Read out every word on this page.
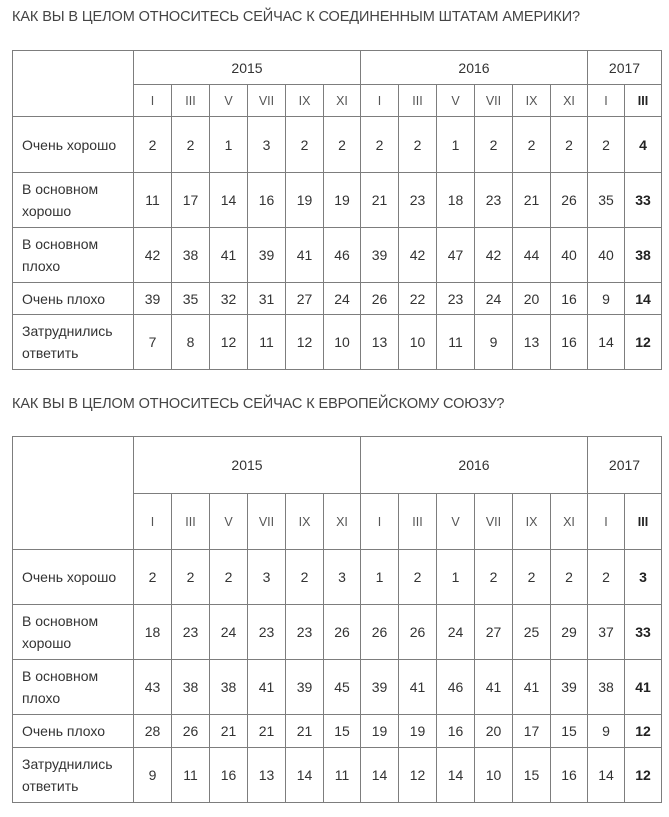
КАК ВЫ В ЦЕЛОМ ОТНОСИТЕСЬ СЕЙЧАС К СОЕДИНЕННЫМ ШТАТАМ АМЕРИКИ?
	2015						2016						2017	
	I	III	V	VII	IX	XI	I	III	V	VII	IX	XI	I	III
Очень хорошо	2	2	1	3	2	2	2	2	1	2	2	2	2	4
В основном хорошо	11	17	14	16	19	19	21	23	18	23	21	26	35	33
В основном плохо	42	38	41	39	41	46	39	42	47	42	44	40	40	38
Очень плохо	39	35	32	31	27	24	26	22	23	24	20	16	9	14
Затруднились ответить	7	8	12	11	12	10	13	10	11	9	13	16	14	12
КАК ВЫ В ЦЕЛОМ ОТНОСИТЕСЬ СЕЙЧАС К ЕВРОПЕЙСКОМУ СОЮЗУ?
	2015						2016						2017	
	I	III	V	VII	IX	XI	I	III	V	VII	IX	XI	I	III
Очень хорошо	2	2	2	3	2	3	1	2	1	2	2	2	2	3
В основном хорошо	18	23	24	23	23	26	26	26	24	27	25	29	37	33
В основном плохо	43	38	38	41	39	45	39	41	46	41	41	39	38	41
Очень плохо	28	26	21	21	21	15	19	19	16	20	17	15	9	12
Затруднились ответить	9	11	16	13	14	11	14	12	14	10	15	16	14	12
